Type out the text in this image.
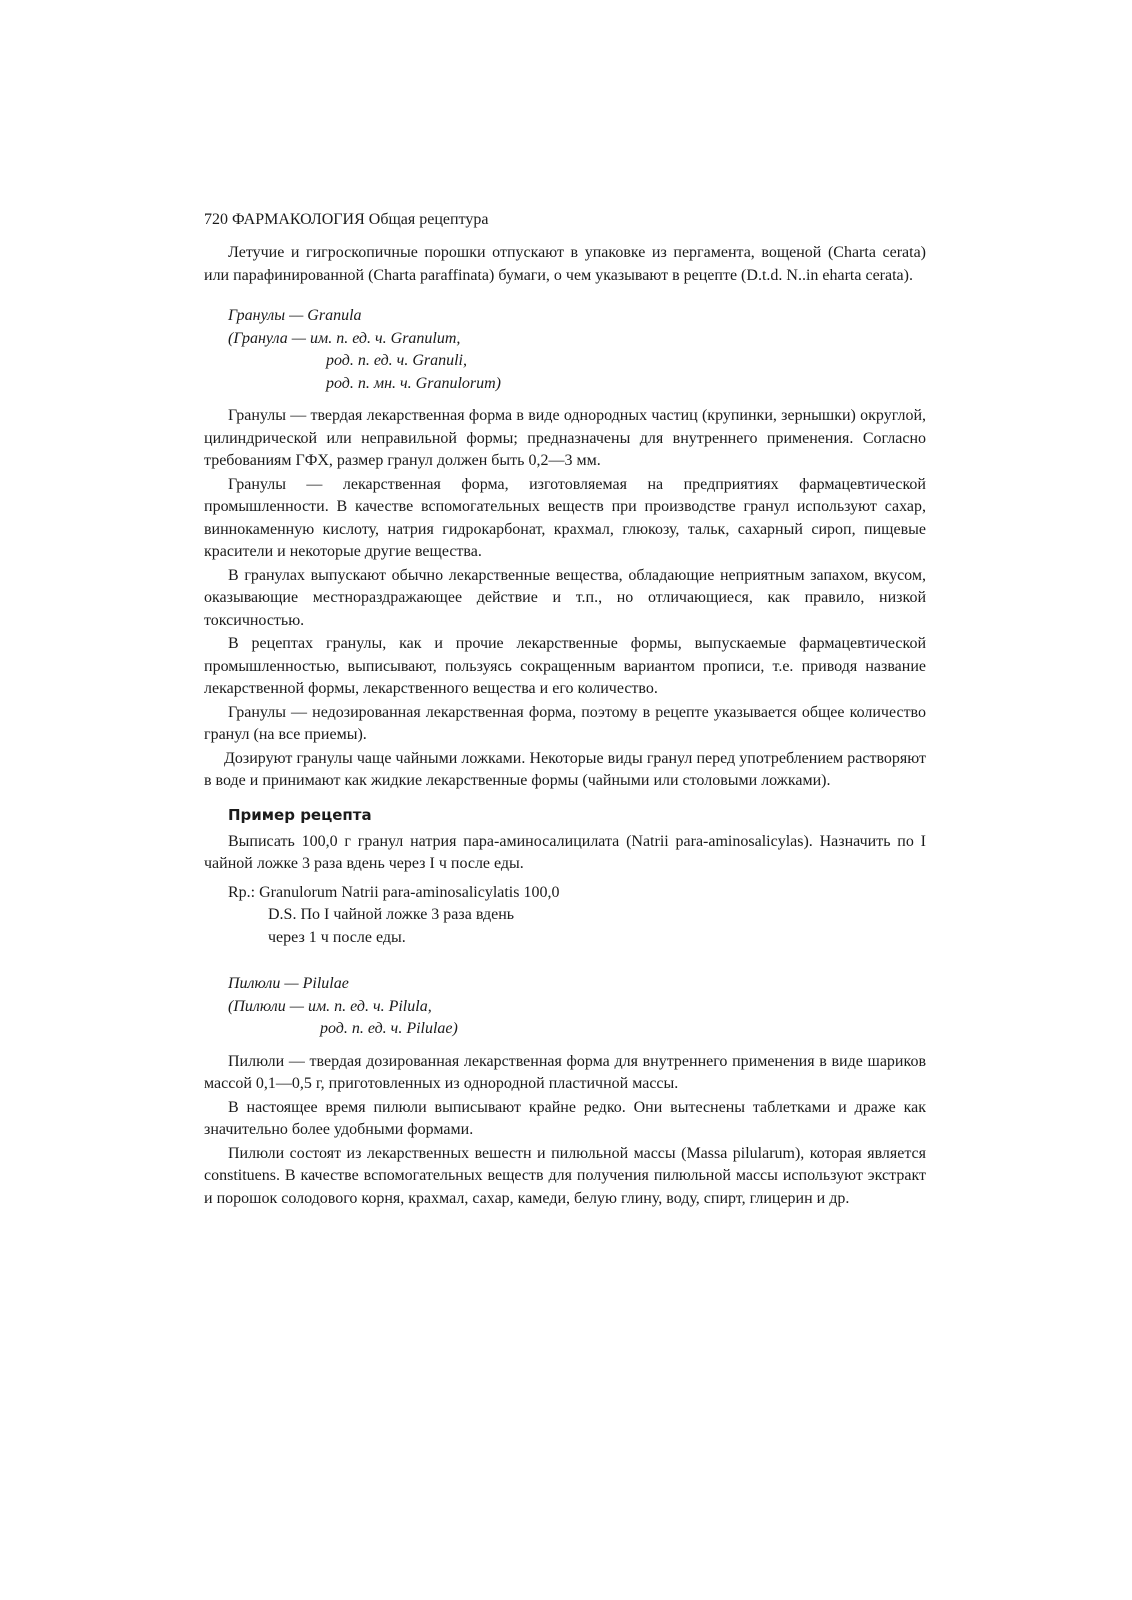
720 ФАРМАКОЛОГИЯ Общая рецептура

Летучие и гигроскопичные порошки отпускают в упаковке из пергамента, вощеной (Charta cerata) или парафинированной (Charta paraffinata) бумаги, о чем указывают в рецепте (D.t.d. N..in eharta cerata).

Гранулы — Granula
(Гранула — им. п. ед. ч. Granulum,
род. п. ед. ч. Granuli,
род. п. мн. ч. Granulorum)

Гранулы — твердая лекарственная форма в виде однородных частиц (крупинки, зернышки) округлой, цилиндрической или неправильной формы; предназначены для внутреннего применения. Согласно требованиям ГФХ, размер гранул должен быть 0,2—3 мм.

Гранулы — лекарственная форма, изготовляемая на предприятиях фармацевтической промышленности. В качестве вспомогательных веществ при производстве гранул используют сахар, виннокаменную кислоту, натрия гидрокарбонат, крахмал, глюкозу, тальк, сахарный сироп, пищевые красители и некоторые другие вещества.

В гранулах выпускают обычно лекарственные вещества, обладающие неприятным запахом, вкусом, оказывающие местнораздражающее действие и т.п., но отличающиеся, как правило, низкой токсичностью.

В рецептах гранулы, как и прочие лекарственные формы, выпускаемые фармацевтической промышленностью, выписывают, пользуясь сокращенным вариантом прописи, т.е. приводя название лекарственной формы, лекарственного вещества и его количество.

Гранулы — недозированная лекарственная форма, поэтому в рецепте указывается общее количество гранул (на все приемы).

Дозируют гранулы чаще чайными ложками. Некоторые виды гранул перед употреблением растворяют в воде и принимают как жидкие лекарственные формы (чайными или столовыми ложками).

Пример рецепта

Выписать 100,0 г гранул натрия пара-аминосалицилата (Natrii para-aminosalicylas). Назначить по I чайной ложке 3 раза вдень через I ч после еды.

Rp.: Granulorum Natrii para-aminosalicylatis 100,0
D.S. По I чайной ложке 3 раза вдень
через 1 ч после еды.
Пилюли — Pilulae
(Пилюли — им. п. ед. ч. Pilula,
род. п. ед. ч. Pilulae)

Пилюли — твердая дозированная лекарственная форма для внутреннего применения в виде шариков массой 0,1—0,5 г, приготовленных из однородной пластичной массы.

В настоящее время пилюли выписывают крайне редко. Они вытеснены таблетками и драже как значительно более удобными формами.

Пилюли состоят из лекарственных вешестн и пилюльной массы (Massa pilularum), которая является constituens. В качестве вспомогательных веществ для получения пилюльной массы используют экстракт и порошок солодового корня, крахмал, сахар, камеди, белую глину, воду, спирт, глицерин и др.
